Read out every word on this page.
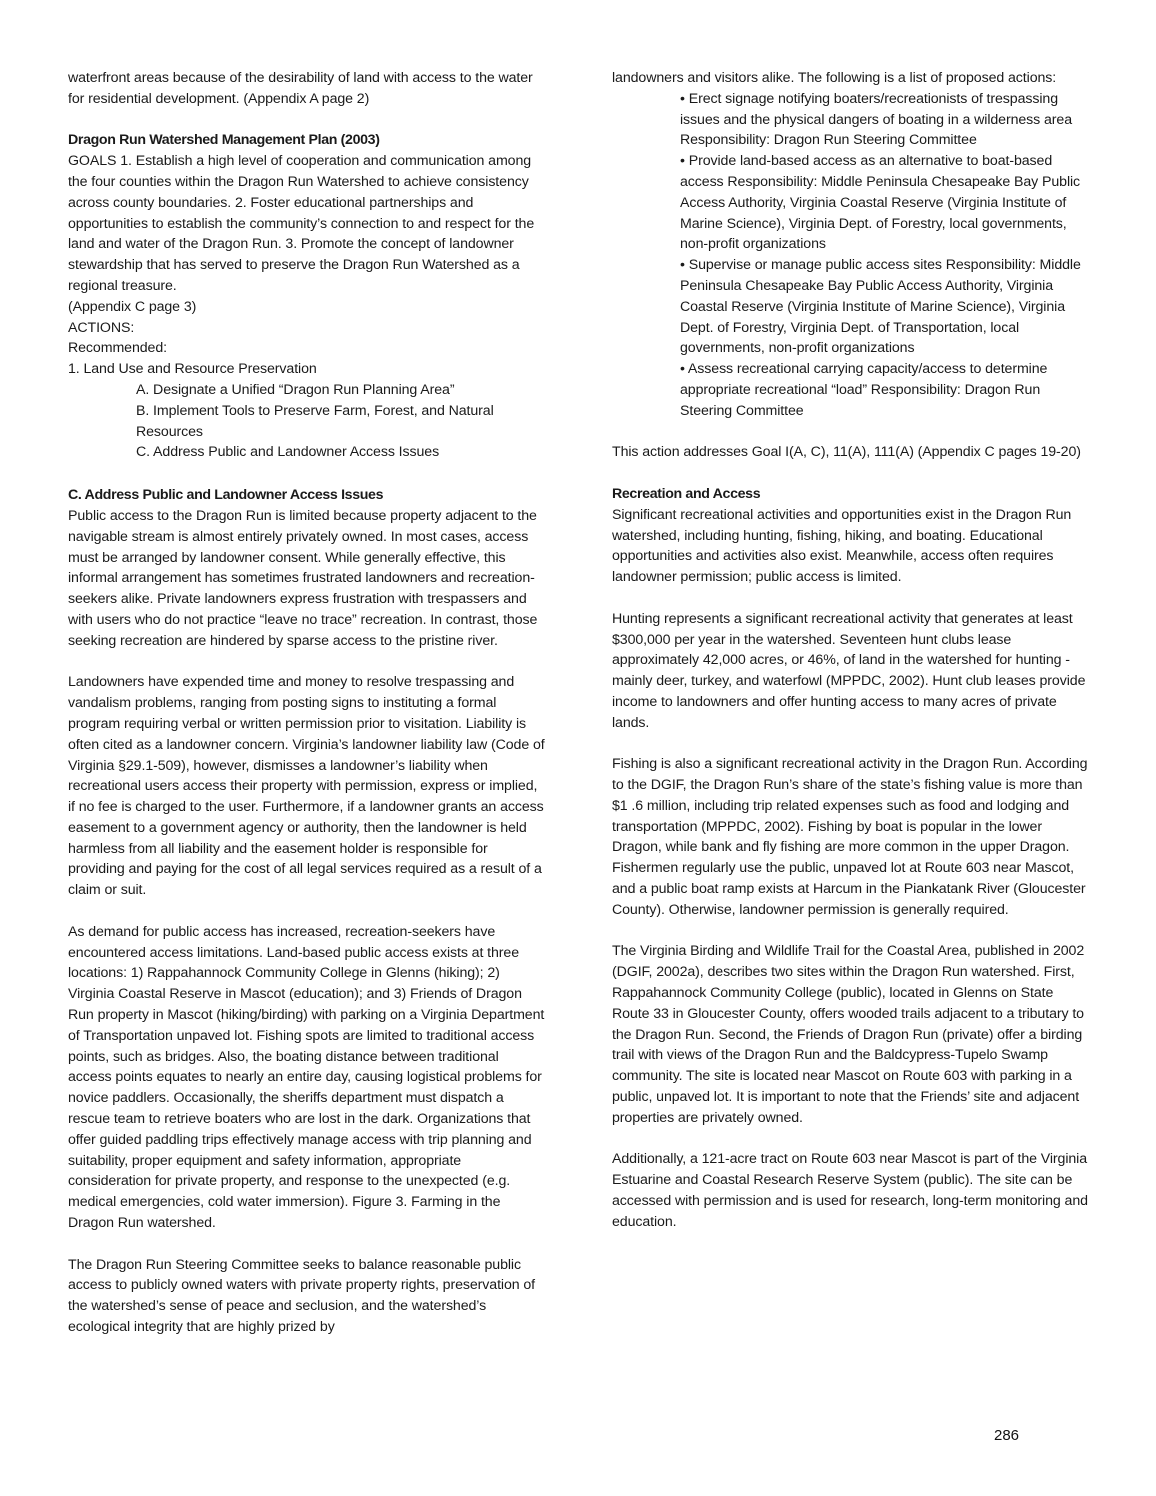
waterfront areas because of the desirability of land with access to the water for residential development. (Appendix A page 2)

Dragon Run Watershed Management Plan (2003)

GOALS 1. Establish a high level of cooperation and communication among the four counties within the Dragon Run Watershed to achieve consistency across county boundaries. 2. Foster educational partnerships and opportunities to establish the community’s connection to and respect for the land and water of the Dragon Run. 3. Promote the concept of landowner stewardship that has served to preserve the Dragon Run Watershed as a regional treasure.

(Appendix C page 3)

ACTIONS:

Recommended:

1. Land Use and Resource Preservation

A. Designate a Unified “Dragon Run Planning Area”

B. Implement Tools to Preserve Farm, Forest, and Natural Resources

C. Address Public and Landowner Access Issues

C. Address Public and Landowner Access Issues

Public access to the Dragon Run is limited because property adjacent to the navigable stream is almost entirely privately owned. In most cases, access must be arranged by landowner consent. While generally effective, this informal arrangement has sometimes frustrated landowners and recreation-seekers alike. Private landowners express frustration with trespassers and with users who do not practice “leave no trace” recreation. In contrast, those seeking recreation are hindered by sparse access to the pristine river.

Landowners have expended time and money to resolve trespassing and vandalism problems, ranging from posting signs to instituting a formal program requiring verbal or written permission prior to visitation. Liability is often cited as a landowner concern. Virginia’s landowner liability law (Code of Virginia §29.1-509), however, dismisses a landowner’s liability when recreational users access their property with permission, express or implied, if no fee is charged to the user. Furthermore, if a landowner grants an access easement to a government agency or authority, then the landowner is held harmless from all liability and the easement holder is responsible for providing and paying for the cost of all legal services required as a result of a claim or suit.

As demand for public access has increased, recreation-seekers have encountered access limitations. Land-based public access exists at three locations: 1) Rappahannock Community College in Glenns (hiking); 2) Virginia Coastal Reserve in Mascot (education); and 3) Friends of Dragon Run property in Mascot (hiking/birding) with parking on a Virginia Department of Transportation unpaved lot. Fishing spots are limited to traditional access points, such as bridges. Also, the boating distance between traditional access points equates to nearly an entire day, causing logistical problems for novice paddlers. Occasionally, the sheriffs department must dispatch a rescue team to retrieve boaters who are lost in the dark. Organizations that offer guided paddling trips effectively manage access with trip planning and suitability, proper equipment and safety information, appropriate consideration for private property, and response to the unexpected (e.g. medical emergencies, cold water immersion). Figure 3. Farming in the Dragon Run watershed.

The Dragon Run Steering Committee seeks to balance reasonable public access to publicly owned waters with private property rights, preservation of the watershed’s sense of peace and seclusion, and the watershed’s ecological integrity that are highly prized by

landowners and visitors alike. The following is a list of proposed actions:

• Erect signage notifying boaters/recreationists of trespassing issues and the physical dangers of boating in a wilderness area Responsibility: Dragon Run Steering Committee

• Provide land-based access as an alternative to boat-based access Responsibility: Middle Peninsula Chesapeake Bay Public Access Authority, Virginia Coastal Reserve (Virginia Institute of Marine Science), Virginia Dept. of Forestry, local governments, non-profit organizations

• Supervise or manage public access sites Responsibility: Middle Peninsula Chesapeake Bay Public Access Authority, Virginia Coastal Reserve (Virginia Institute of Marine Science), Virginia Dept. of Forestry, Virginia Dept. of Transportation, local governments, non-profit organizations

• Assess recreational carrying capacity/access to determine appropriate recreational “load” Responsibility: Dragon Run Steering Committee

This action addresses Goal I(A, C), 11(A), 111(A) (Appendix C pages 19-20)

Recreation and Access

Significant recreational activities and opportunities exist in the Dragon Run watershed, including hunting, fishing, hiking, and boating. Educational opportunities and activities also exist. Meanwhile, access often requires landowner permission; public access is limited.

Hunting represents a significant recreational activity that generates at least $300,000 per year in the watershed. Seventeen hunt clubs lease approximately 42,000 acres, or 46%, of land in the watershed for hunting -mainly deer, turkey, and waterfowl (MPPDC, 2002). Hunt club leases provide income to landowners and offer hunting access to many acres of private lands.

Fishing is also a significant recreational activity in the Dragon Run. According to the DGIF, the Dragon Run’s share of the state’s fishing value is more than $1 .6 million, including trip related expenses such as food and lodging and transportation (MPPDC, 2002). Fishing by boat is popular in the lower Dragon, while bank and fly fishing are more common in the upper Dragon. Fishermen regularly use the public, unpaved lot at Route 603 near Mascot, and a public boat ramp exists at Harcum in the Piankatank River (Gloucester County). Otherwise, landowner permission is generally required.

The Virginia Birding and Wildlife Trail for the Coastal Area, published in 2002 (DGIF, 2002a), describes two sites within the Dragon Run watershed. First, Rappahannock Community College (public), located in Glenns on State Route 33 in Gloucester County, offers wooded trails adjacent to a tributary to the Dragon Run. Second, the Friends of Dragon Run (private) offer a birding trail with views of the Dragon Run and the Baldcypress-Tupelo Swamp community. The site is located near Mascot on Route 603 with parking in a public, unpaved lot. It is important to note that the Friends’ site and adjacent properties are privately owned.

Additionally, a 121-acre tract on Route 603 near Mascot is part of the Virginia Estuarine and Coastal Research Reserve System (public). The site can be accessed with permission and is used for research, long-term monitoring and education.

286
